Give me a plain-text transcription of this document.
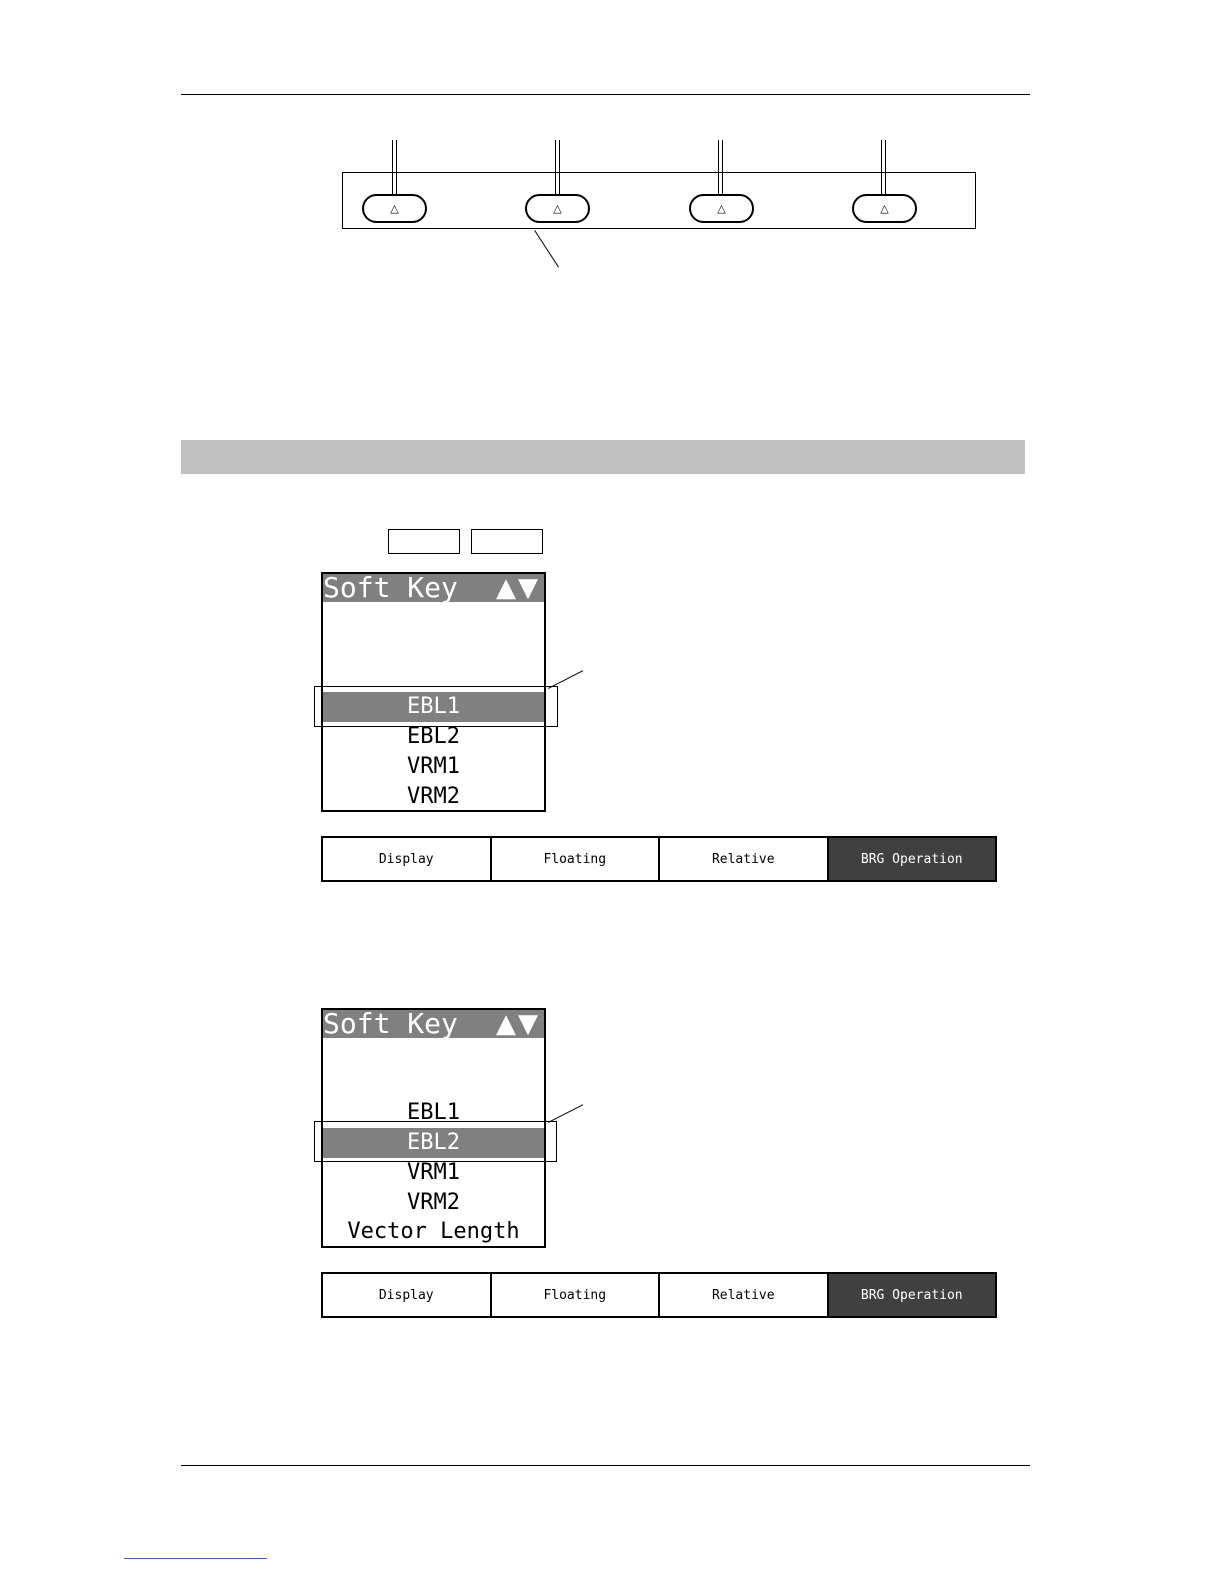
△	△	△	△
Soft Key	▲▼
EBL1
EBL2
VRM1
VRM2
Display	Floating	Relative	BRG Operation
Soft Key	▲▼
EBL1
EBL2
VRM1
VRM2
Vector Length
Display	Floating	Relative	BRG Operation
